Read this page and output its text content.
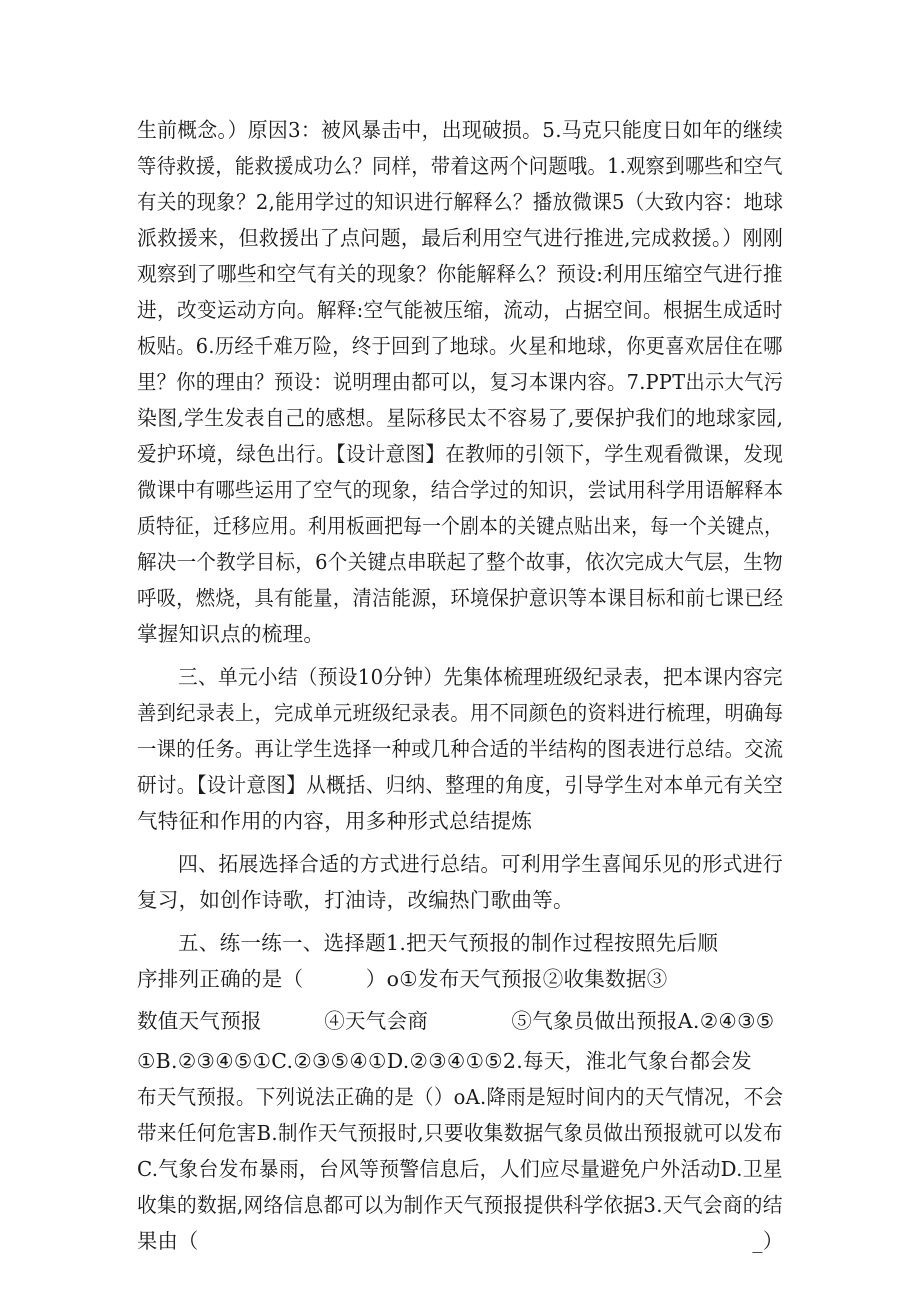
生前概念。）原因3：被风暴击中，出现破损。5.马克只能度日如年的继续
等待救援，能救援成功么？同样，带着这两个问题哦。1.观察到哪些和空气
有关的现象？2,能用学过的知识进行解释么？播放微课5（大致内容：地球
派救援来，但救援出了点问题，最后利用空气进行推进,完成救援。）刚刚
观察到了哪些和空气有关的现象？你能解释么？预设:利用压缩空气进行推
进，改变运动方向。解释:空气能被压缩，流动，占据空间。根据生成适时
板贴。6.历经千难万险，终于回到了地球。火星和地球，你更喜欢居住在哪
里？你的理由？预设：说明理由都可以，复习本课内容。7.PPT出示大气污
染图,学生发表自己的感想。星际移民太不容易了,要保护我们的地球家园,
爱护环境，绿色出行。【设计意图】在教师的引领下，学生观看微课，发现
微课中有哪些运用了空气的现象，结合学过的知识，尝试用科学用语解释本
质特征，迁移应用。利用板画把每一个剧本的关键点贴出来，每一个关键点，
解决一个教学目标，6个关键点串联起了整个故事，依次完成大气层，生物
呼吸，燃烧，具有能量，清洁能源，环境保护意识等本课目标和前七课已经
掌握知识点的梳理。
三、单元小结（预设10分钟）先集体梳理班级纪录表，把本课内容完
善到纪录表上，完成单元班级纪录表。用不同颜色的资料进行梳理，明确每
一课的任务。再让学生选择一种或几种合适的半结构的图表进行总结。交流
研讨。【设计意图】从概括、归纳、整理的角度，引导学生对本单元有关空
气特征和作用的内容，用多种形式总结提炼
四、拓展选择合适的方式进行总结。可利用学生喜闻乐见的形式进行
复习，如创作诗歌，打油诗，改编热门歌曲等。
五、练一练一、选择题1.把天气预报的制作过程按照先后顺
序排列正确的是（　　　）o①发布天气预报②收集数据③
数值天气预报　　　④天气会商　　　　⑤气象员做出预报A.②④③⑤
①B.②③④⑤①C.②③⑤④①D.②③④①⑤2.每天，淮北气象台都会发
布天气预报。下列说法正确的是（）oA.降雨是短时间内的天气情况，不会
带来任何危害B.制作天气预报时,只要收集数据气象员做出预报就可以发布
C.气象台发布暴雨，台风等预警信息后，人们应尽量避免户外活动D.卫星
收集的数据,网络信息都可以为制作天气预报提供科学依据3.天气会商的结
果由（　　　　　　　　　　　　　　　　　　　　　　　　　　　_）
